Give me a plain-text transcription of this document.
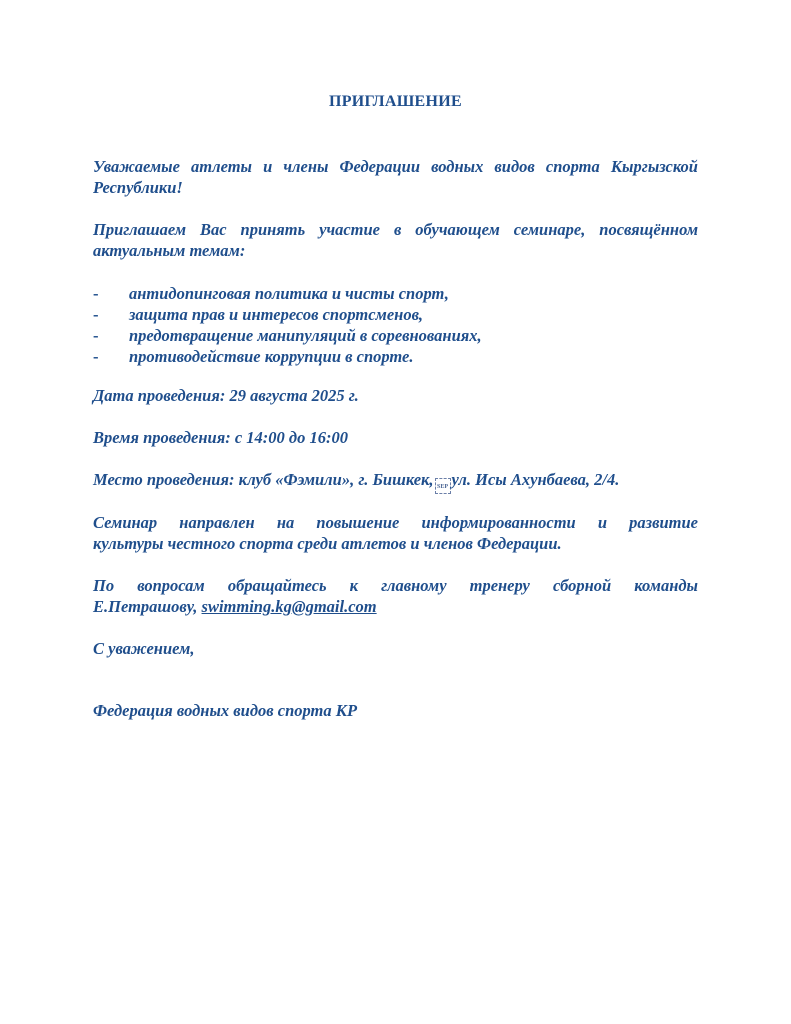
ПРИГЛАШЕНИЕ
Уважаемые атлеты и члены Федерации водных видов спорта Кыргызской
Республики!
Приглашаем Вас принять участие в обучающем семинаре, посвящённом
актуальным темам:
-	антидопинговая политика и чисты спорт,
-	защита прав и интересов спортсменов,
-	предотвращение манипуляций в соревнованиях,
-	противодействие коррупции в спорте.
Дата проведения: 29 августа 2025 г.
Время проведения: с 14:00 до 16:00
Место проведения: клуб «Фэмили», г. Бишкек, SEP ул. Исы Ахунбаева, 2/4.
Семинар направлен на повышение информированности и развитие
культуры честного спорта среди атлетов и членов Федерации.
По вопросам обращайтесь к главному тренеру сборной команды
Е.Петрашову, swimming.kg@gmail.com
С уважением,
Федерация водных видов спорта КР
